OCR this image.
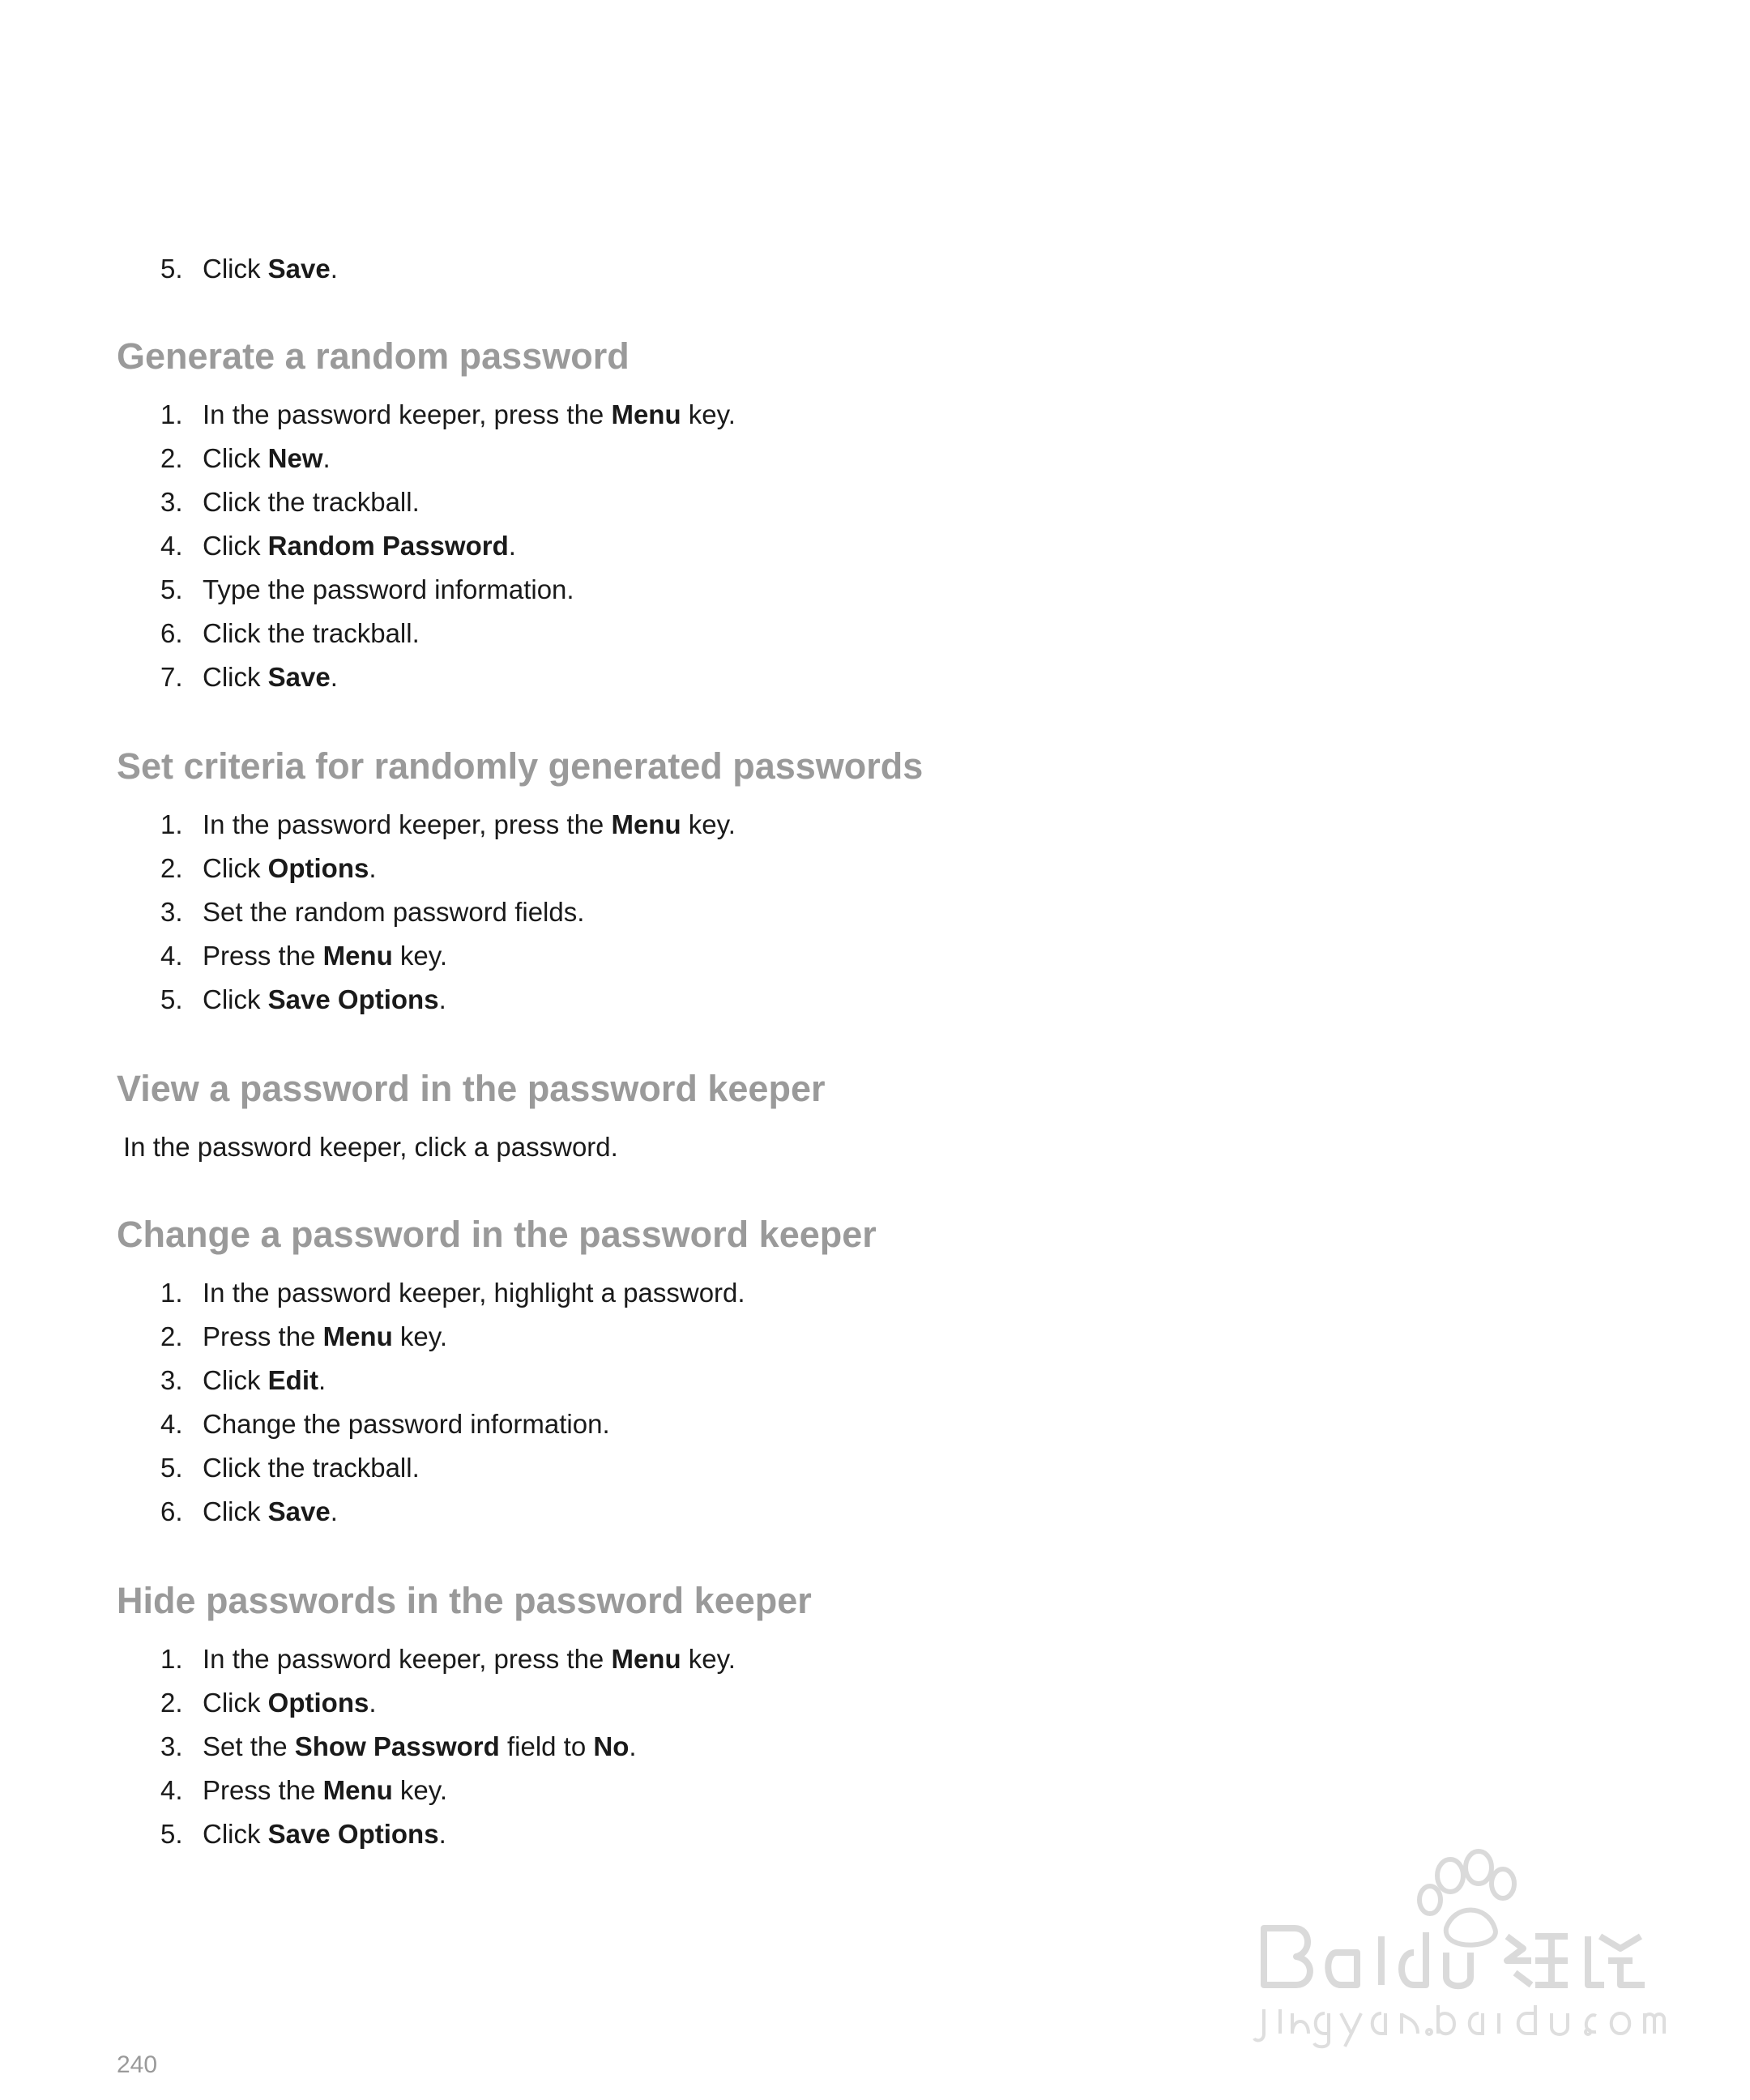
5. Click Save.
Generate a random password
1. In the password keeper, press the Menu key.
2. Click New.
3. Click the trackball.
4. Click Random Password.
5. Type the password information.
6. Click the trackball.
7. Click Save.
Set criteria for randomly generated passwords
1. In the password keeper, press the Menu key.
2. Click Options.
3. Set the random password fields.
4. Press the Menu key.
5. Click Save Options.
View a password in the password keeper
In the password keeper, click a password.
Change a password in the password keeper
1. In the password keeper, highlight a password.
2. Press the Menu key.
3. Click Edit.
4. Change the password information.
5. Click the trackball.
6. Click Save.
Hide passwords in the password keeper
1. In the password keeper, press the Menu key.
2. Click Options.
3. Set the Show Password field to No.
4. Press the Menu key.
5. Click Save Options.
240
